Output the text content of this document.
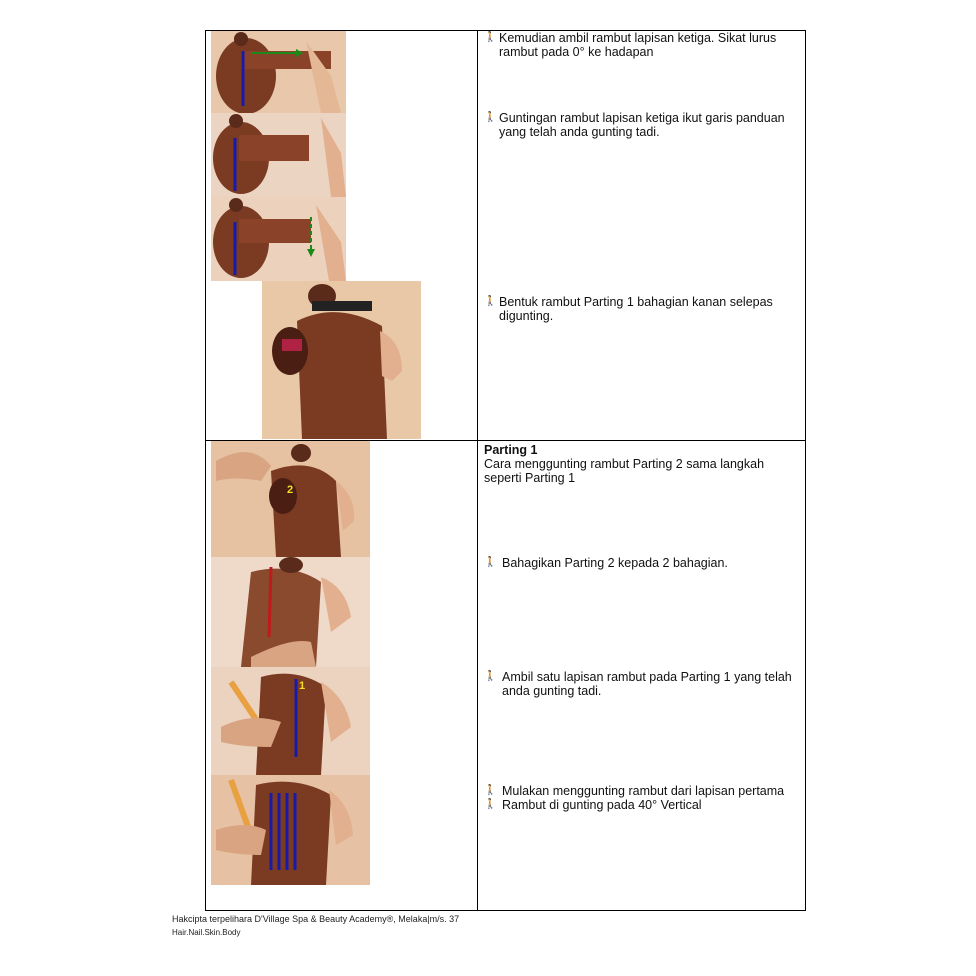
🚶 Kemudian ambil rambut lapisan ketiga. Sikat lurus rambut pada 0° ke hadapan
🚶 Guntingan rambut lapisan ketiga ikut garis panduan yang telah anda gunting tadi.
🚶 Bentuk rambut Parting 1 bahagian kanan selepas digunting.
2
1
Parting 1
Cara menggunting rambut Parting 2 sama langkah seperti Parting 1
🚶 Bahagikan Parting 2 kepada 2 bahagian.
🚶 Ambil satu lapisan rambut pada Parting 1 yang telah anda gunting tadi.
🚶 Mulakan menggunting rambut dari lapisan pertama
🚶 Rambut di gunting pada 40° Vertical
Hakcipta terpelihara D'Village Spa & Beauty Academy®, Melaka|m/s. 37
Hair.Nail.Skin.Body
